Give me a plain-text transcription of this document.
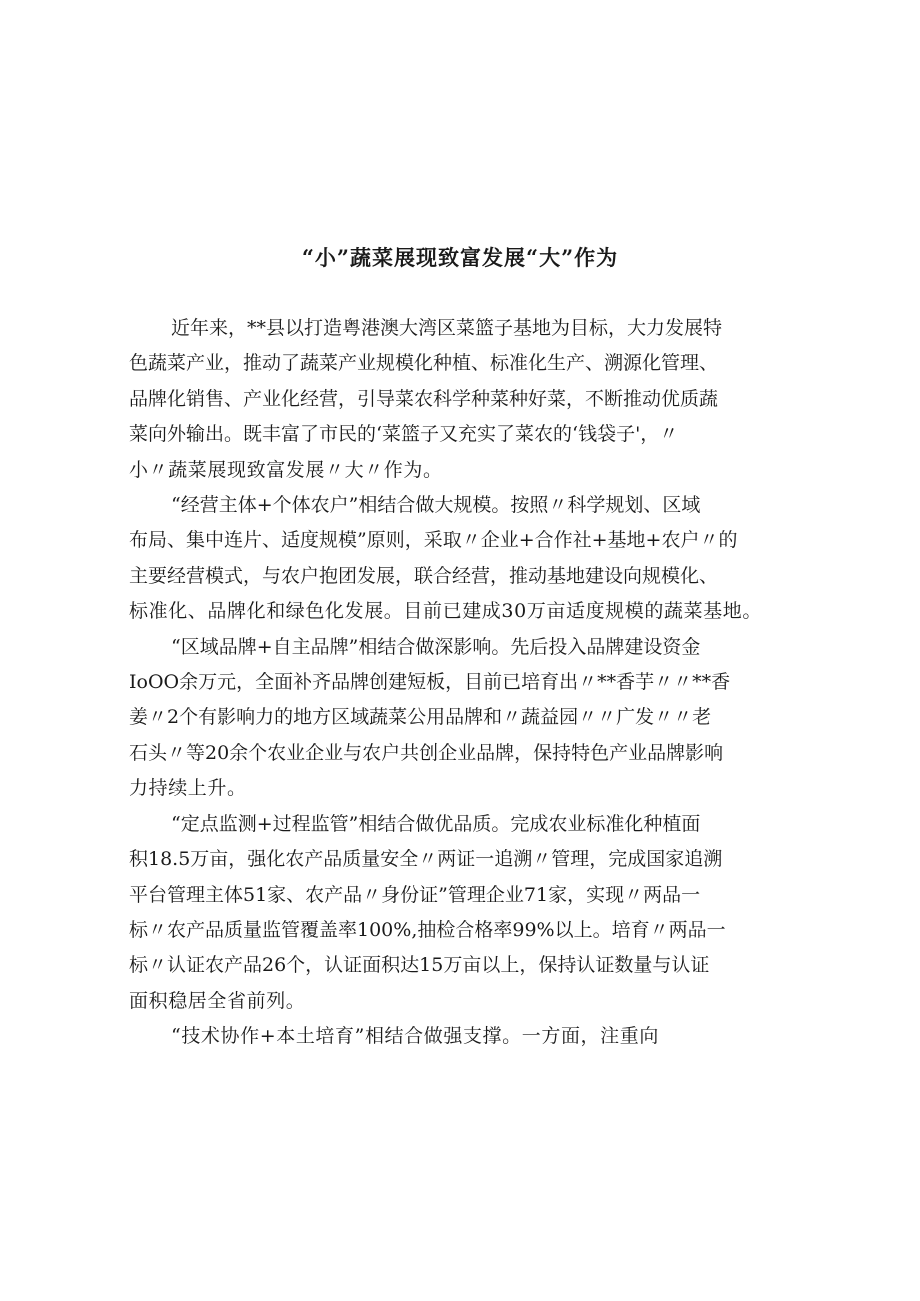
“小”蔬菜展现致富发展“大”作为
近年来，**县以打造粤港澳大湾区菜篮子基地为目标，大力发展特
色蔬菜产业，推动了蔬菜产业规模化种植、标准化生产、溯源化管理、
品牌化销售、产业化经营，引导菜农科学种菜种好菜，不断推动优质蔬
菜向外输出。既丰富了市民的‘菜篮子又充实了菜农的‘钱袋子'，〃
小〃蔬菜展现致富发展〃大〃作为。
“经营主体+个体农户”相结合做大规模。按照〃科学规划、区域
布局、集中连片、适度规模”原则，采取〃企业+合作社+基地+农户〃的
主要经营模式，与农户抱团发展，联合经营，推动基地建设向规模化、
标准化、品牌化和绿色化发展。目前已建成30万亩适度规模的蔬菜基地。
“区域品牌+自主品牌”相结合做深影响。先后投入品牌建设资金
IoOO余万元，全面补齐品牌创建短板，目前已培育出〃**香芋〃〃**香
姜〃2个有影响力的地方区域蔬菜公用品牌和〃蔬益园〃〃广发〃〃老
石头〃等20余个农业企业与农户共创企业品牌，保持特色产业品牌影响
力持续上升。
“定点监测+过程监管”相结合做优品质。完成农业标准化种植面
积18.5万亩，强化农产品质量安全〃两证一追溯〃管理，完成国家追溯
平台管理主体51家、农产品〃身份证”管理企业71家，实现〃两品一
标〃农产品质量监管覆盖率100%,抽检合格率99%以上。培育〃两品一
标〃认证农产品26个，认证面积达15万亩以上，保持认证数量与认证
面积稳居全省前列。
“技术协作+本土培育”相结合做强支撑。一方面，注重向
